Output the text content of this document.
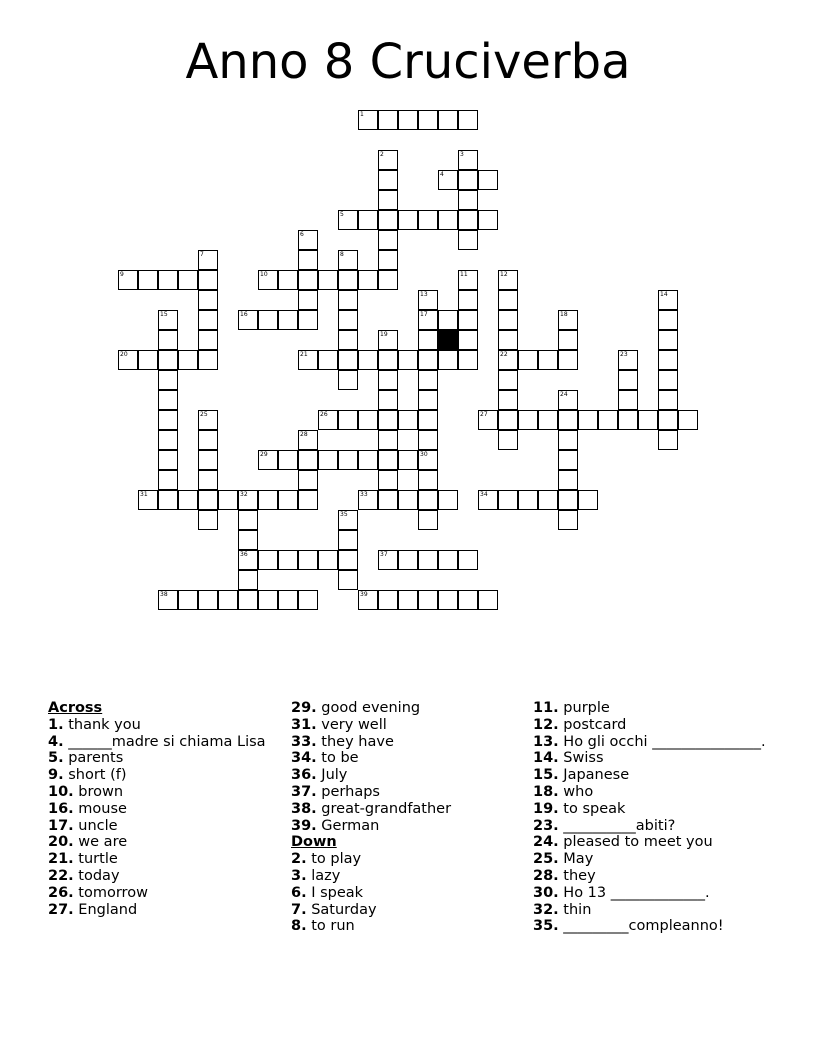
Anno 8 Cruciverba
1
2	3
4
5
6
7	8
9	10	11	12
13	14
15	16	17	18
19
20	21	22	23
24
25	26	27
28
29	30
31	32	33	34
35
36	37
38	39
Across
1. thank you
4. ______madre si chiama Lisa
5. parents
9. short (f)
10. brown
16. mouse
17. uncle
20. we are
21. turtle
22. today
26. tomorrow
27. England
29. good evening
31. very well
33. they have
34. to be
36. July
37. perhaps
38. great-grandfather
39. German
Down
2. to play
3. lazy
6. I speak
7. Saturday
8. to run
11. purple
12. postcard
13. Ho gli occhi _______________.
14. Swiss
15. Japanese
18. who
19. to speak
23. __________abiti?
24. pleased to meet you
25. May
28. they
30. Ho 13 _____________.
32. thin
35. _________compleanno!
